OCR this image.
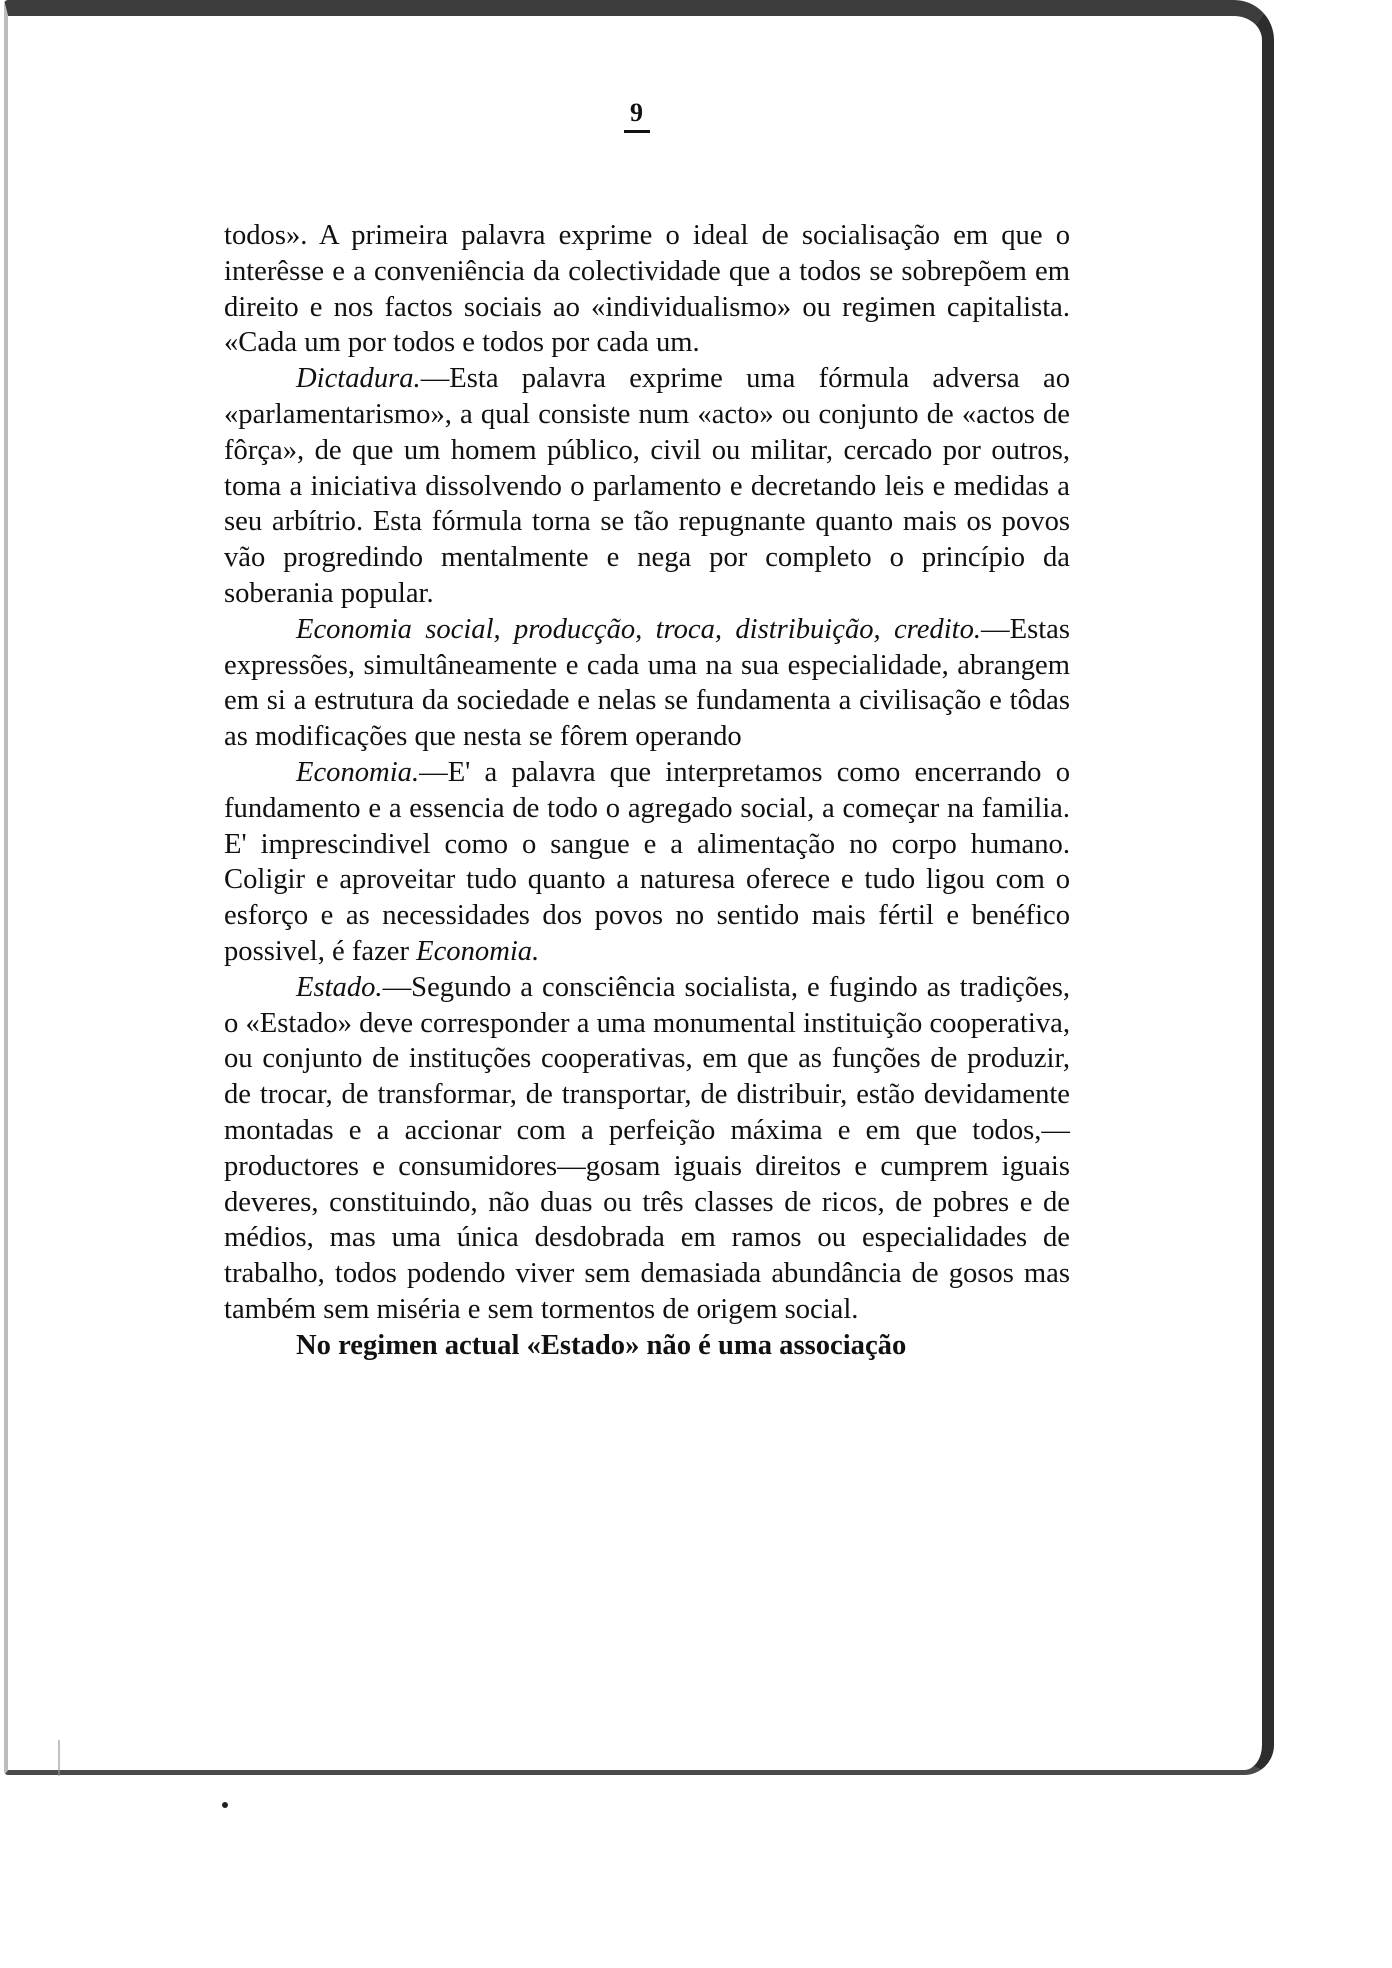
9

todos». A primeira palavra exprime o ideal de socialisação em que o interêsse e a conveniência da colectividade que a todos se sobrepõem em direito e nos factos sociais ao «individualismo» ou regimen capitalista. «Cada um por todos e todos por cada um.

Dictadura.—Esta palavra exprime uma fórmula adversa ao «parlamentarismo», a qual consiste num «acto» ou conjunto de «actos de fôrça», de que um homem público, civil ou militar, cercado por outros, toma a iniciativa dissolvendo o parlamento e decretando leis e medidas a seu arbítrio. Esta fórmula torna se tão repugnante quanto mais os povos vão progredindo mentalmente e nega por completo o princípio da soberania popular.

Economia social, producção, troca, distribuição, credito.—Estas expressões, simultâneamente e cada uma na sua especialidade, abrangem em si a estrutura da sociedade e nelas se fundamenta a civilisação e tôdas as modificações que nesta se fôrem operando

Economia.—E' a palavra que interpretamos como encerrando o fundamento e a essencia de todo o agregado social, a começar na familia. E' imprescindivel como o sangue e a alimentação no corpo humano. Coligir e aproveitar tudo quanto a naturesa oferece e tudo ligou com o esforço e as necessidades dos povos no sentido mais fértil e benéfico possivel, é fazer Economia.

Estado.—Segundo a consciência socialista, e fugindo as tradições, o «Estado» deve corresponder a uma monumental instituição cooperativa, ou conjunto de instituções cooperativas, em que as funções de produzir, de trocar, de transformar, de transportar, de distribuir, estão devidamente montadas e a accionar com a perfeição máxima e em que todos,—productores e consumidores—gosam iguais direitos e cumprem iguais deveres, constituindo, não duas ou três classes de ricos, de pobres e de médios, mas uma única desdobrada em ramos ou especialidades de trabalho, todos podendo viver sem demasiada abundância de gosos mas também sem miséria e sem tormentos de origem social.

No regimen actual «Estado» não é uma associação
